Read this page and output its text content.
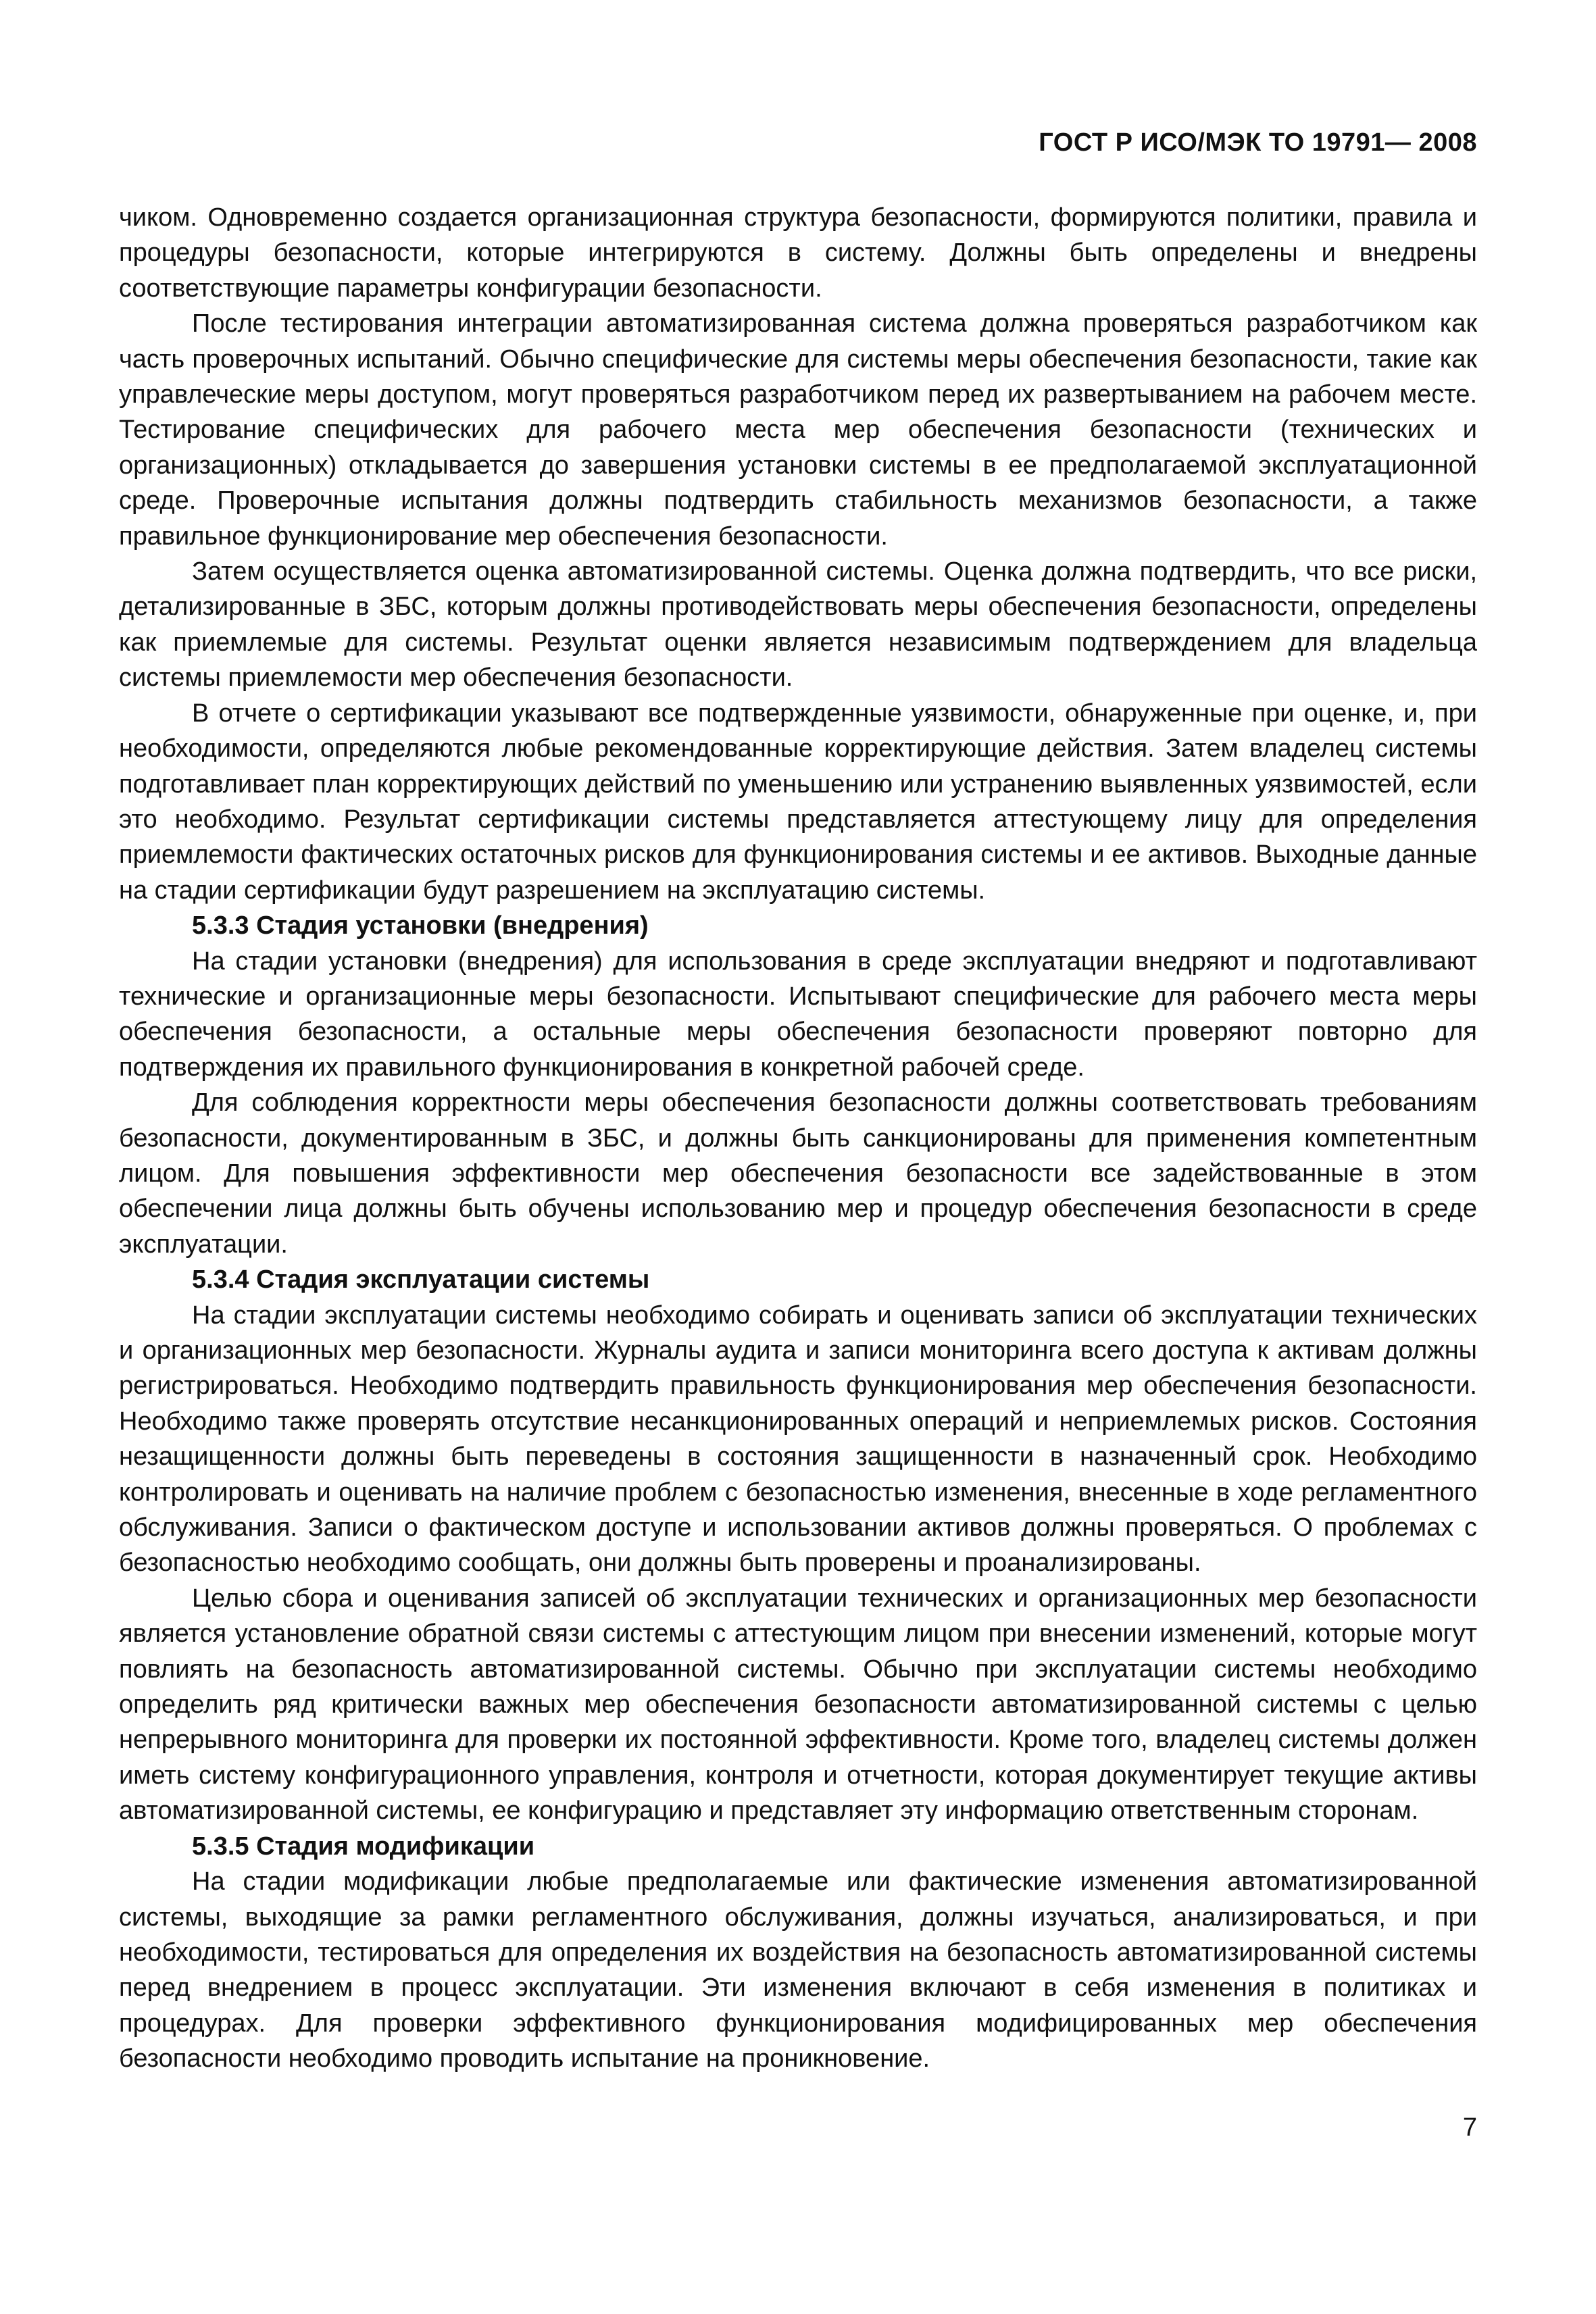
ГОСТ Р ИСО/МЭК ТО 19791— 2008

чиком. Одновременно создается организационная структура безопасности, формируются политики, правила и процедуры безопасности, которые интегрируются в систему. Должны быть определены и внедрены соответствующие параметры конфигурации безопасности.

После тестирования интеграции автоматизированная система должна проверяться разработчиком как часть проверочных испытаний. Обычно специфические для системы меры обеспечения безопасности, такие как управлеческие меры доступом, могут проверяться разработчиком перед их развертыванием на рабочем месте. Тестирование специфических для рабочего места мер обеспечения безопасности (технических и организационных) откладывается до завершения установки системы в ее предполагаемой эксплуатационной среде. Проверочные испытания должны подтвердить стабильность механизмов безопасности, а также правильное функционирование мер обеспечения безопасности.

Затем осуществляется оценка автоматизированной системы. Оценка должна подтвердить, что все риски, детализированные в ЗБС, которым должны противодействовать меры обеспечения безопасности, определены как приемлемые для системы. Результат оценки является независимым подтверждением для владельца системы приемлемости мер обеспечения безопасности.

В отчете о сертификации указывают все подтвержденные уязвимости, обнаруженные при оценке, и, при необходимости, определяются любые рекомендованные корректирующие действия. Затем владелец системы подготавливает план корректирующих действий по уменьшению или устранению выявленных уязвимостей, если это необходимо. Результат сертификации системы представляется аттестующему лицу для определения приемлемости фактических остаточных рисков для функционирования системы и ее активов. Выходные данные на стадии сертификации будут разрешением на эксплуатацию системы.

5.3.3 Стадия установки (внедрения)

На стадии установки (внедрения) для использования в среде эксплуатации внедряют и подготавливают технические и организационные меры безопасности. Испытывают специфические для рабочего места меры обеспечения безопасности, а остальные меры обеспечения безопасности проверяют повторно для подтверждения их правильного функционирования в конкретной рабочей среде.

Для соблюдения корректности меры обеспечения безопасности должны соответствовать требованиям безопасности, документированным в ЗБС, и должны быть санкционированы для применения компетентным лицом. Для повышения эффективности мер обеспечения безопасности все задействованные в этом обеспечении лица должны быть обучены использованию мер и процедур обеспечения безопасности в среде эксплуатации.

5.3.4 Стадия эксплуатации системы

На стадии эксплуатации системы необходимо собирать и оценивать записи об эксплуатации технических и организационных мер безопасности. Журналы аудита и записи мониторинга всего доступа к активам должны регистрироваться. Необходимо подтвердить правильность функционирования мер обеспечения безопасности. Необходимо также проверять отсутствие несанкционированных операций и неприемлемых рисков. Состояния незащищенности должны быть переведены в состояния защищенности в назначенный срок. Необходимо контролировать и оценивать на наличие проблем с безопасностью изменения, внесенные в ходе регламентного обслуживания. Записи о фактическом доступе и использовании активов должны проверяться. О проблемах с безопасностью необходимо сообщать, они должны быть проверены и проанализированы.

Целью сбора и оценивания записей об эксплуатации технических и организационных мер безопасности является установление обратной связи системы с аттестующим лицом при внесении изменений, которые могут повлиять на безопасность автоматизированной системы. Обычно при эксплуатации системы необходимо определить ряд критически важных мер обеспечения безопасности автоматизированной системы с целью непрерывного мониторинга для проверки их постоянной эффективности. Кроме того, владелец системы должен иметь систему конфигурационного управления, контроля и отчетности, которая документирует текущие активы автоматизированной системы, ее конфигурацию и представляет эту информацию ответственным сторонам.

5.3.5 Стадия модификации

На стадии модификации любые предполагаемые или фактические изменения автоматизированной системы, выходящие за рамки регламентного обслуживания, должны изучаться, анализироваться, и при необходимости, тестироваться для определения их воздействия на безопасность автоматизированной системы перед внедрением в процесс эксплуатации. Эти изменения включают в себя изменения в политиках и процедурах. Для проверки эффективного функционирования модифицированных мер обеспечения безопасности необходимо проводить испытание на проникновение.

7
